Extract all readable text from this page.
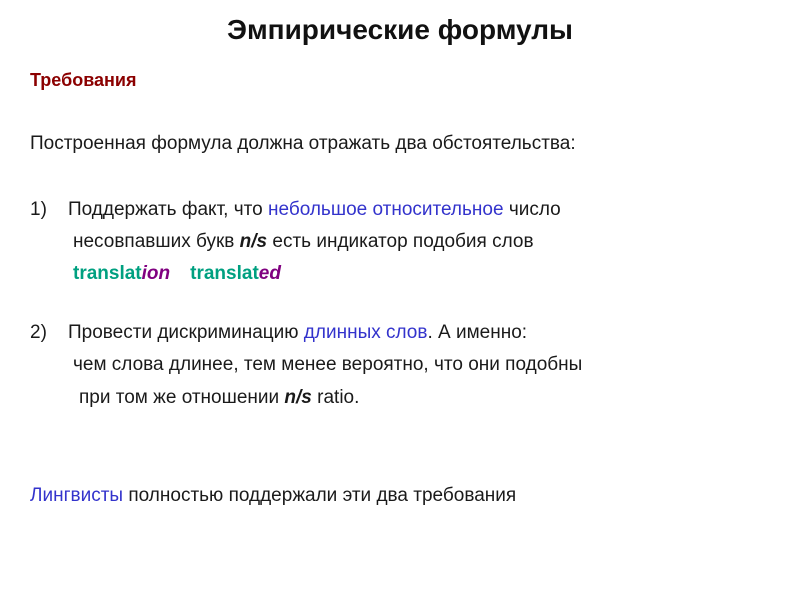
Эмпирические формулы
Требования
Построенная формула должна отражать два обстоятельства:
1) Поддержать факт, что небольшое относительное число
несовпавших букв n/s есть индикатор подобия слов
translation translated
2) Провести дискриминацию длинных слов. А именно:
чем слова длинее, тем менее вероятно, что они подобны
при том же отношении n/s ratio.
Лингвисты полностью поддержали эти два требования
